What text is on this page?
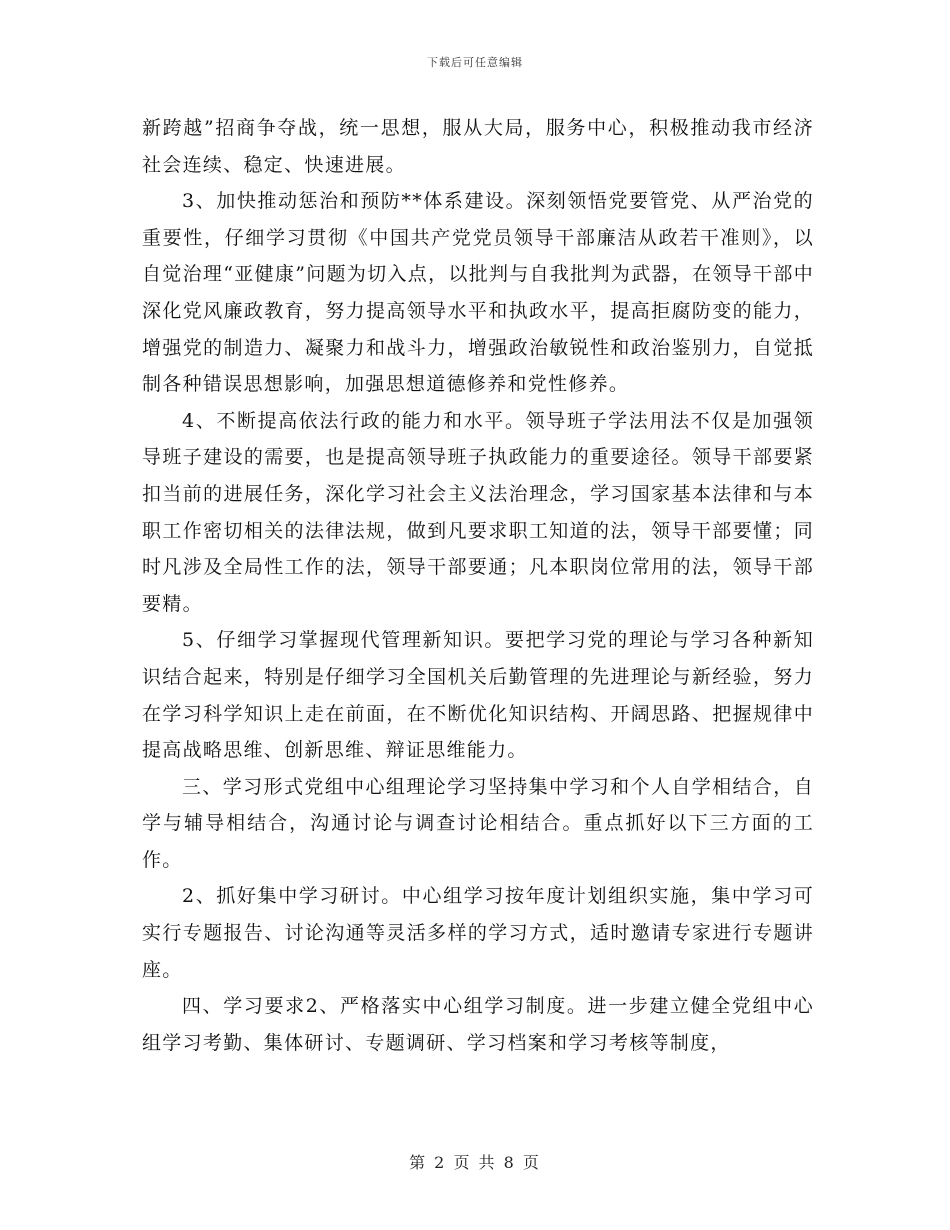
下载后可任意编辑

新跨越”招商争夺战，统一思想，服从大局，服务中心，积极推动我市经济社会连续、稳定、快速进展。

3、加快推动惩治和预防**体系建设。深刻领悟党要管党、从严治党的重要性，仔细学习贯彻《中国共产党党员领导干部廉洁从政若干准则》，以自觉治理“亚健康”问题为切入点，以批判与自我批判为武器，在领导干部中深化党风廉政教育，努力提高领导水平和执政水平，提高拒腐防变的能力，增强党的制造力、凝聚力和战斗力，增强政治敏锐性和政治鉴别力，自觉抵制各种错误思想影响，加强思想道德修养和党性修养。

4、不断提高依法行政的能力和水平。领导班子学法用法不仅是加强领导班子建设的需要，也是提高领导班子执政能力的重要途径。领导干部要紧扣当前的进展任务，深化学习社会主义法治理念，学习国家基本法律和与本职工作密切相关的法律法规，做到凡要求职工知道的法，领导干部要懂；同时凡涉及全局性工作的法，领导干部要通；凡本职岗位常用的法，领导干部要精。

5、仔细学习掌握现代管理新知识。要把学习党的理论与学习各种新知识结合起来，特别是仔细学习全国机关后勤管理的先进理论与新经验，努力在学习科学知识上走在前面，在不断优化知识结构、开阔思路、把握规律中提高战略思维、创新思维、辩证思维能力。

三、学习形式党组中心组理论学习坚持集中学习和个人自学相结合，自学与辅导相结合，沟通讨论与调查讨论相结合。重点抓好以下三方面的工作。

2、抓好集中学习研讨。中心组学习按年度计划组织实施，集中学习可实行专题报告、讨论沟通等灵活多样的学习方式，适时邀请专家进行专题讲座。

四、学习要求2、严格落实中心组学习制度。进一步建立健全党组中心组学习考勤、集体研讨、专题调研、学习档案和学习考核等制度，

第 2 页 共 8 页
